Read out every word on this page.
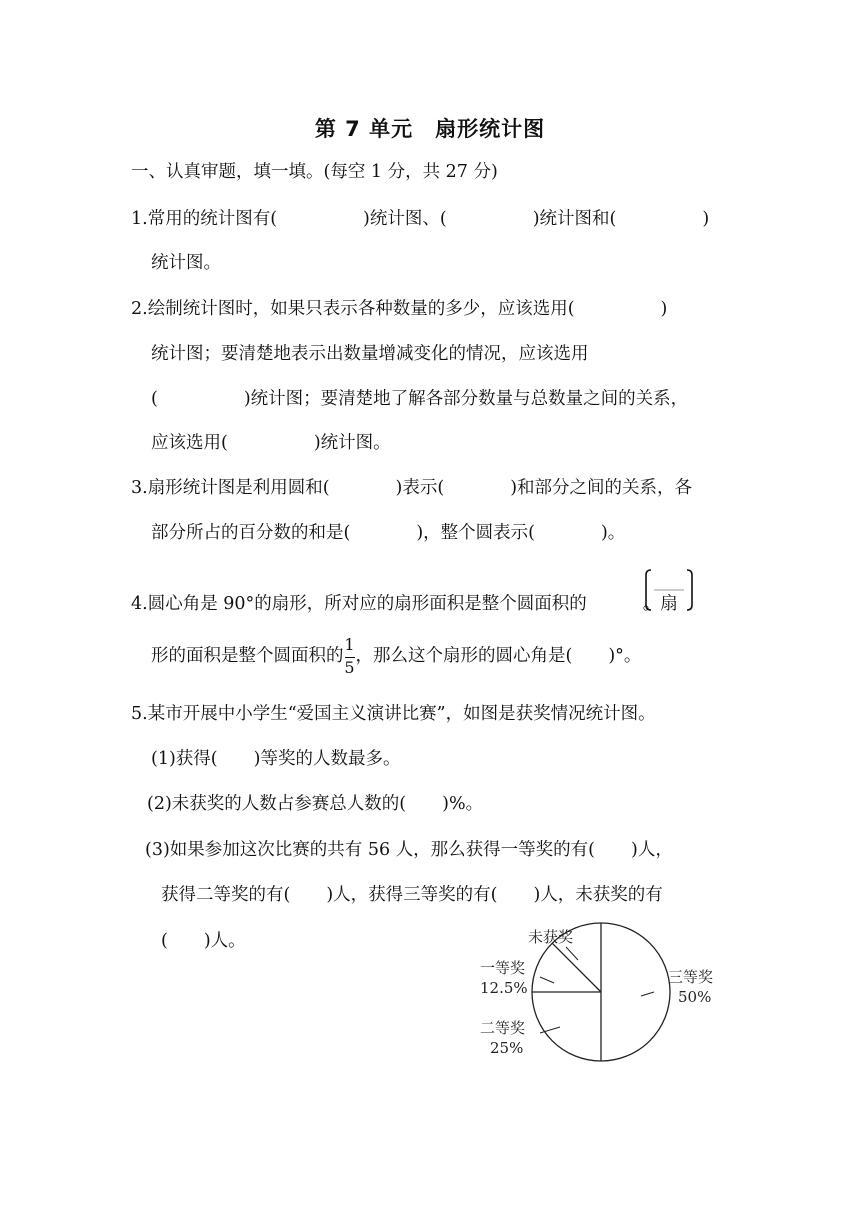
第 7 单元　扇形统计图
一、认真审题，填一填。(每空 1 分，共 27 分)
1.常用的统计图有(	)统计图、(	)统计图和(	)
统计图。
2.绘制统计图时，如果只表示各种数量的多少，应该选用(	)
统计图；要清楚地表示出数量增减变化的情况，应该选用
(	)统计图；要清楚地了解各部分数量与总数量之间的关系，
应该选用(	)统计图。
3.扇形统计图是利用圆和(	)表示(	)和部分之间的关系，各
部分所占的百分数的和是(	)，整个圆表示(	)。
4.圆心角是 90°的扇形，所对应的扇形面积是整个圆面积的	。扇
形的面积是整个圆面积的 $\frac{1}{5}$ ，那么这个扇形的圆心角是( )°。
5.某市开展中小学生“爱国主义演讲比赛”，如图是获奖情况统计图。
(1)获得( )等奖的人数最多。
(2)未获奖的人数占参赛总人数的( )%。
(3)如果参加这次比赛的共有 56 人，那么获得一等奖的有( )人，
获得二等奖的有( )人，获得三等奖的有( )人，未获奖的有
( )人。
三等奖
50%
二等奖
25%
一等奖
12.5%
未获奖
